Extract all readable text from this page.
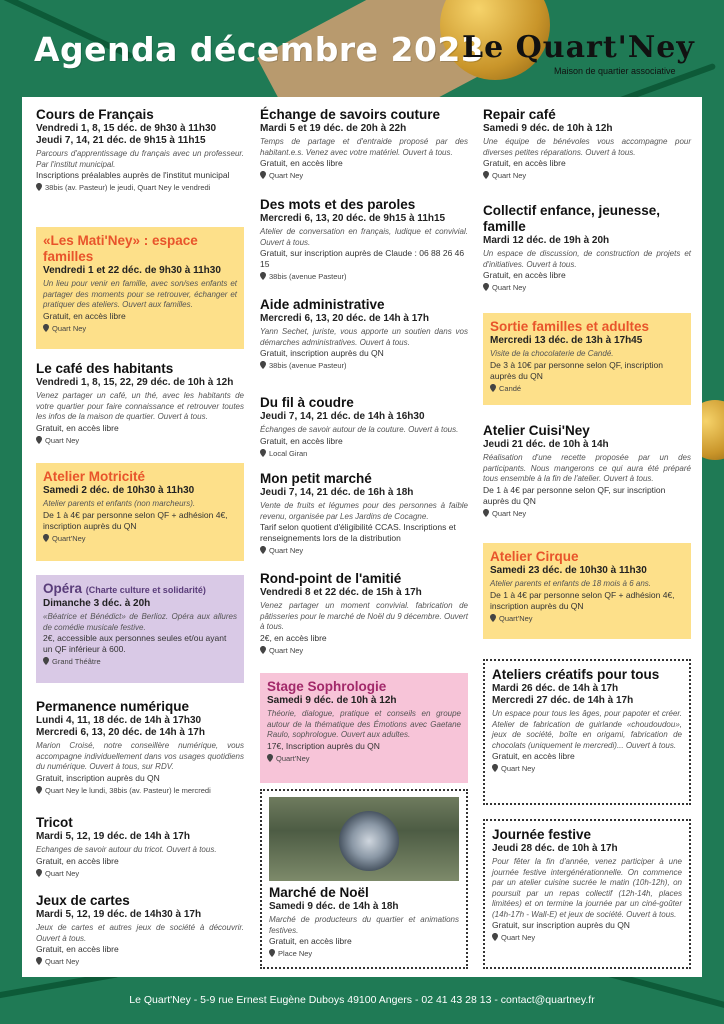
Agenda décembre 2023
Le Quart'Ney
Maison de quartier associative
Cours de Français
Vendredi 1, 8, 15 déc. de 9h30 à 11h30
Jeudi 7, 14, 21 déc. de 9h15 à 11h15
Parcours d'apprentissage du français avec un professeur. Par l'institut municipal.
Inscriptions préalables auprès de l'institut municipal
38bis (av. Pasteur) le jeudi, Quart Ney le vendredi
«Les Mati'Ney» : espace familles
Vendredi 1 et 22 déc. de 9h30 à 11h30
Un lieu pour venir en famille, avec son/ses enfants et partager des moments pour se retrouver, échanger et pratiquer des ateliers. Ouvert aux familles.
Gratuit, en accès libre
Quart Ney
Le café des habitants
Vendredi 1, 8, 15, 22, 29 déc. de 10h à 12h
Venez partager un café, un thé, avec les habitants de votre quartier pour faire connaissance et retrouver toutes les infos de la maison de quartier. Ouvert à tous.
Gratuit, en accès libre
Quart Ney
Atelier Motricité
Samedi 2 déc. de 10h30 à 11h30
Atelier parents et enfants (non marcheurs).
De 1 à 4€ par personne selon QF + adhésion 4€, inscription auprès du QN
Quart'Ney
Opéra (Charte culture et solidarité)
Dimanche 3 déc. à 20h
«Béatrice et Bénédict» de Berlioz. Opéra aux allures de comédie musicale festive.
2€, accessible aux personnes seules et/ou ayant un QF inférieur à 600.
Grand Théâtre
Permanence numérique
Lundi 4, 11, 18 déc. de 14h à 17h30
Mercredi 6, 13, 20 déc. de 14h à 17h
Marion Croisé, notre conseillère numérique, vous accompagne individuellement dans vos usages quotidiens du numérique. Ouvert à tous, sur RDV.
Gratuit, inscription auprès du QN
Quart Ney le lundi, 38bis (av. Pasteur) le mercredi
Tricot
Mardi 5, 12, 19 déc. de 14h à 17h
Echanges de savoir autour du tricot. Ouvert à tous.
Gratuit, en accès libre
Quart Ney
Jeux de cartes
Mardi 5, 12, 19 déc. de 14h30 à 17h
Jeux de cartes et autres jeux de société à découvrir. Ouvert à tous.
Gratuit, en accès libre
Quart Ney
Échange de savoirs couture
Mardi 5 et 19 déc. de 20h à 22h
Temps de partage et d'entraide proposé par des habitant.e.s. Venez avec votre matériel. Ouvert à tous.
Gratuit, en accès libre
Quart Ney
Des mots et des paroles
Mercredi 6, 13, 20 déc. de 9h15 à 11h15
Atelier de conversation en français, ludique et convivial. Ouvert à tous.
Gratuit, sur inscription auprès de Claude : 06 88 26 46 15
38bis (avenue Pasteur)
Aide administrative
Mercredi 6, 13, 20 déc. de 14h à 17h
Yann Sechet, juriste, vous apporte un soutien dans vos démarches administratives. Ouvert à tous.
Gratuit, inscription auprès du QN
38bis (avenue Pasteur)
Du fil à coudre
Jeudi 7, 14, 21 déc. de 14h à 16h30
Échanges de savoir autour de la couture. Ouvert à tous.
Gratuit, en accès libre
Local Giran
Mon petit marché
Jeudi 7, 14, 21 déc. de 16h à 18h
Vente de fruits et légumes pour des personnes à faible revenu, organisée par Les Jardins de Cocagne.
Tarif selon quotient d'éligibilité CCAS. Inscriptions et renseignements lors de la distribution
Quart Ney
Rond-point de l'amitié
Vendredi 8 et 22 déc. de 15h à 17h
Venez partager un moment convivial. fabrication de pâtisseries pour le marché de Noël du 9 décembre. Ouvert à tous.
2€, en accès libre
Quart Ney
Stage Sophrologie
Samedi 9 déc. de 10h à 12h
Théorie, dialogue, pratique et conseils en groupe autour de la thématique des Émotions avec Gaetane Raulo, sophrologue. Ouvert aux adultes.
17€, Inscription auprès du QN
Quart'Ney
Marché de Noël
Samedi 9 déc. de 14h à 18h
Marché de producteurs du quartier et animations festives.
Gratuit, en accès libre
Place Ney
Repair café
Samedi 9 déc. de 10h à 12h
Une équipe de bénévoles vous accompagne pour diverses petites réparations. Ouvert à tous.
Gratuit, en accès libre
Quart Ney
Collectif enfance, jeunesse, famille
Mardi 12 déc. de 19h à 20h
Un espace de discussion, de construction de projets et d'initiatives. Ouvert à tous.
Gratuit, en accès libre
Quart Ney
Sortie familles et adultes
Mercredi 13 déc. de 13h à 17h45
Visite de la chocolaterie de Candé.
De 3 à 10€ par personne selon QF, inscription auprès du QN
Candé
Atelier Cuisi'Ney
Jeudi 21 déc. de 10h à 14h
Réalisation d'une recette proposée par un des participants. Nous mangerons ce qui aura été préparé tous ensemble à la fin de l'atelier. Ouvert à tous.
De 1 à 4€ par personne selon QF, sur inscription auprès du QN
Quart Ney
Atelier Cirque
Samedi 23 déc. de 10h30 à 11h30
Atelier parents et enfants de 18 mois à 6 ans.
De 1 à 4€ par personne selon QF + adhésion 4€, inscription auprès du QN
Quart'Ney
Ateliers créatifs pour tous
Mardi 26 déc. de 14h à 17h
Mercredi 27 déc. de 14h à 17h
Un espace pour tous les âges, pour papoter et créer. Atelier de fabrication de guirlande «choudoudou», jeux de société, boîte en origami, fabrication de chocolats (uniquement le mercredi)... Ouvert à tous.
Gratuit, en accès libre
Quart Ney
Journée festive
Jeudi 28 déc. de 10h à 17h
Pour fêter la fin d'année, venez participer à une journée festive intergénérationnelle. On commence par un atelier cuisine sucrée le matin (10h-12h), on poursuit par un repas collectif (12h-14h, places limitées) et on termine la journée par un ciné-goûter (14h-17h - Wall-E) et jeux de société. Ouvert à tous.
Gratuit, sur inscription auprès du QN
Quart Ney
Le Quart'Ney - 5-9 rue Ernest Eugène Duboys 49100 Angers - 02 41 43 28 13 - contact@quartney.fr
